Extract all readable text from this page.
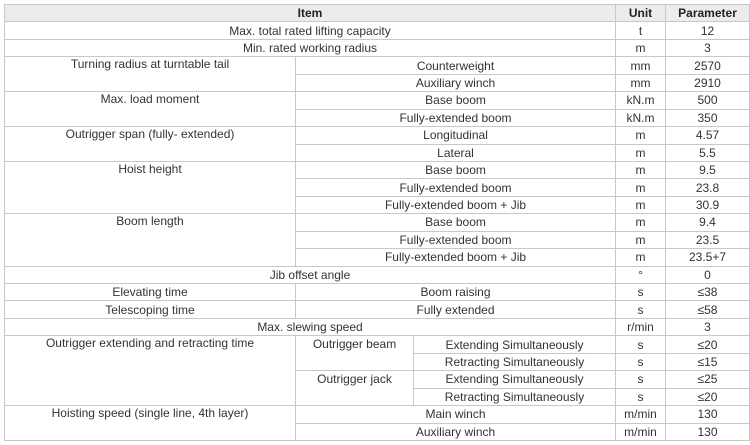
Item			Unit	Parameter
Max. total rated lifting capacity			t	12
Min. rated working radius			m	3
Turning radius at turntable tail	Counterweight		mm	2570
	Auxiliary winch		mm	2910
Max. load moment	Base boom		kN.m	500
	Fully-extended boom		kN.m	350
Outrigger span (fully- extended)	Longitudinal		m	4.57
	Lateral		m	5.5
Hoist height	Base boom		m	9.5
	Fully-extended boom		m	23.8
	Fully-extended boom + Jib		m	30.9
Boom length	Base boom		m	9.4
	Fully-extended boom		m	23.5
	Fully-extended boom + Jib		m	23.5+7
Jib offset angle			°	0
Elevating time	Boom raising		s	≤38
Telescoping time	Fully extended		s	≤58
Max. slewing speed			r/min	3
Outrigger extending and retracting time	Outrigger beam	Extending Simultaneously	s	≤20
		Retracting Simultaneously	s	≤15
	Outrigger jack	Extending Simultaneously	s	≤25
		Retracting Simultaneously	s	≤20
Hoisting speed (single line, 4th layer)	Main winch		m/min	130
	Auxiliary winch		m/min	130
